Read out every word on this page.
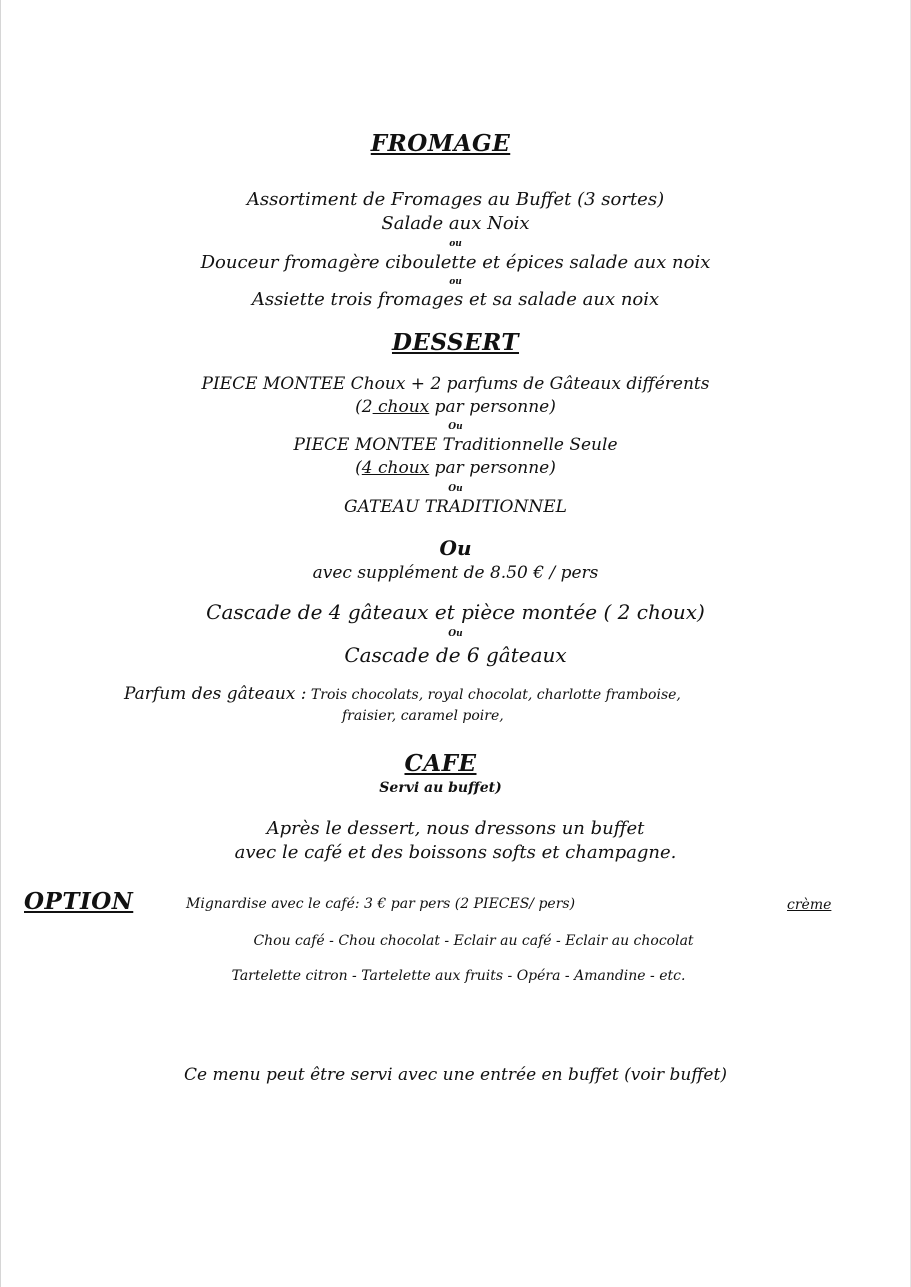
FROMAGE
Assortiment de Fromages au Buffet (3 sortes)
Salade aux Noix
ou
Douceur fromagère ciboulette et épices salade aux noix
ou
Assiette trois fromages et sa salade aux noix
DESSERT
PIECE MONTEE Choux + 2 parfums de Gâteaux différents
(2 choux par personne)
Ou
PIECE MONTEE Traditionnelle Seule
(4 choux par personne)
Ou
GATEAU TRADITIONNEL
Ou
avec supplément de 8.50 € / pers
Cascade de 4 gâteaux et pièce montée ( 2 choux)
Ou
Cascade de 6 gâteaux
Parfum des gâteaux : Trois chocolats, royal chocolat, charlotte framboise,
fraisier, caramel poire,
CAFE
Servi au buffet)
Après le dessert, nous dressons un buffet
avec le café et des boissons softs et champagne.
OPTION	Mignardise avec le café: 3 € par pers (2 PIECES/ pers)	crème
Chou café - Chou chocolat - Eclair au café - Eclair au chocolat
Tartelette citron - Tartelette aux fruits - Opéra - Amandine - etc.
Ce menu peut être servi avec une entrée en buffet (voir buffet)
